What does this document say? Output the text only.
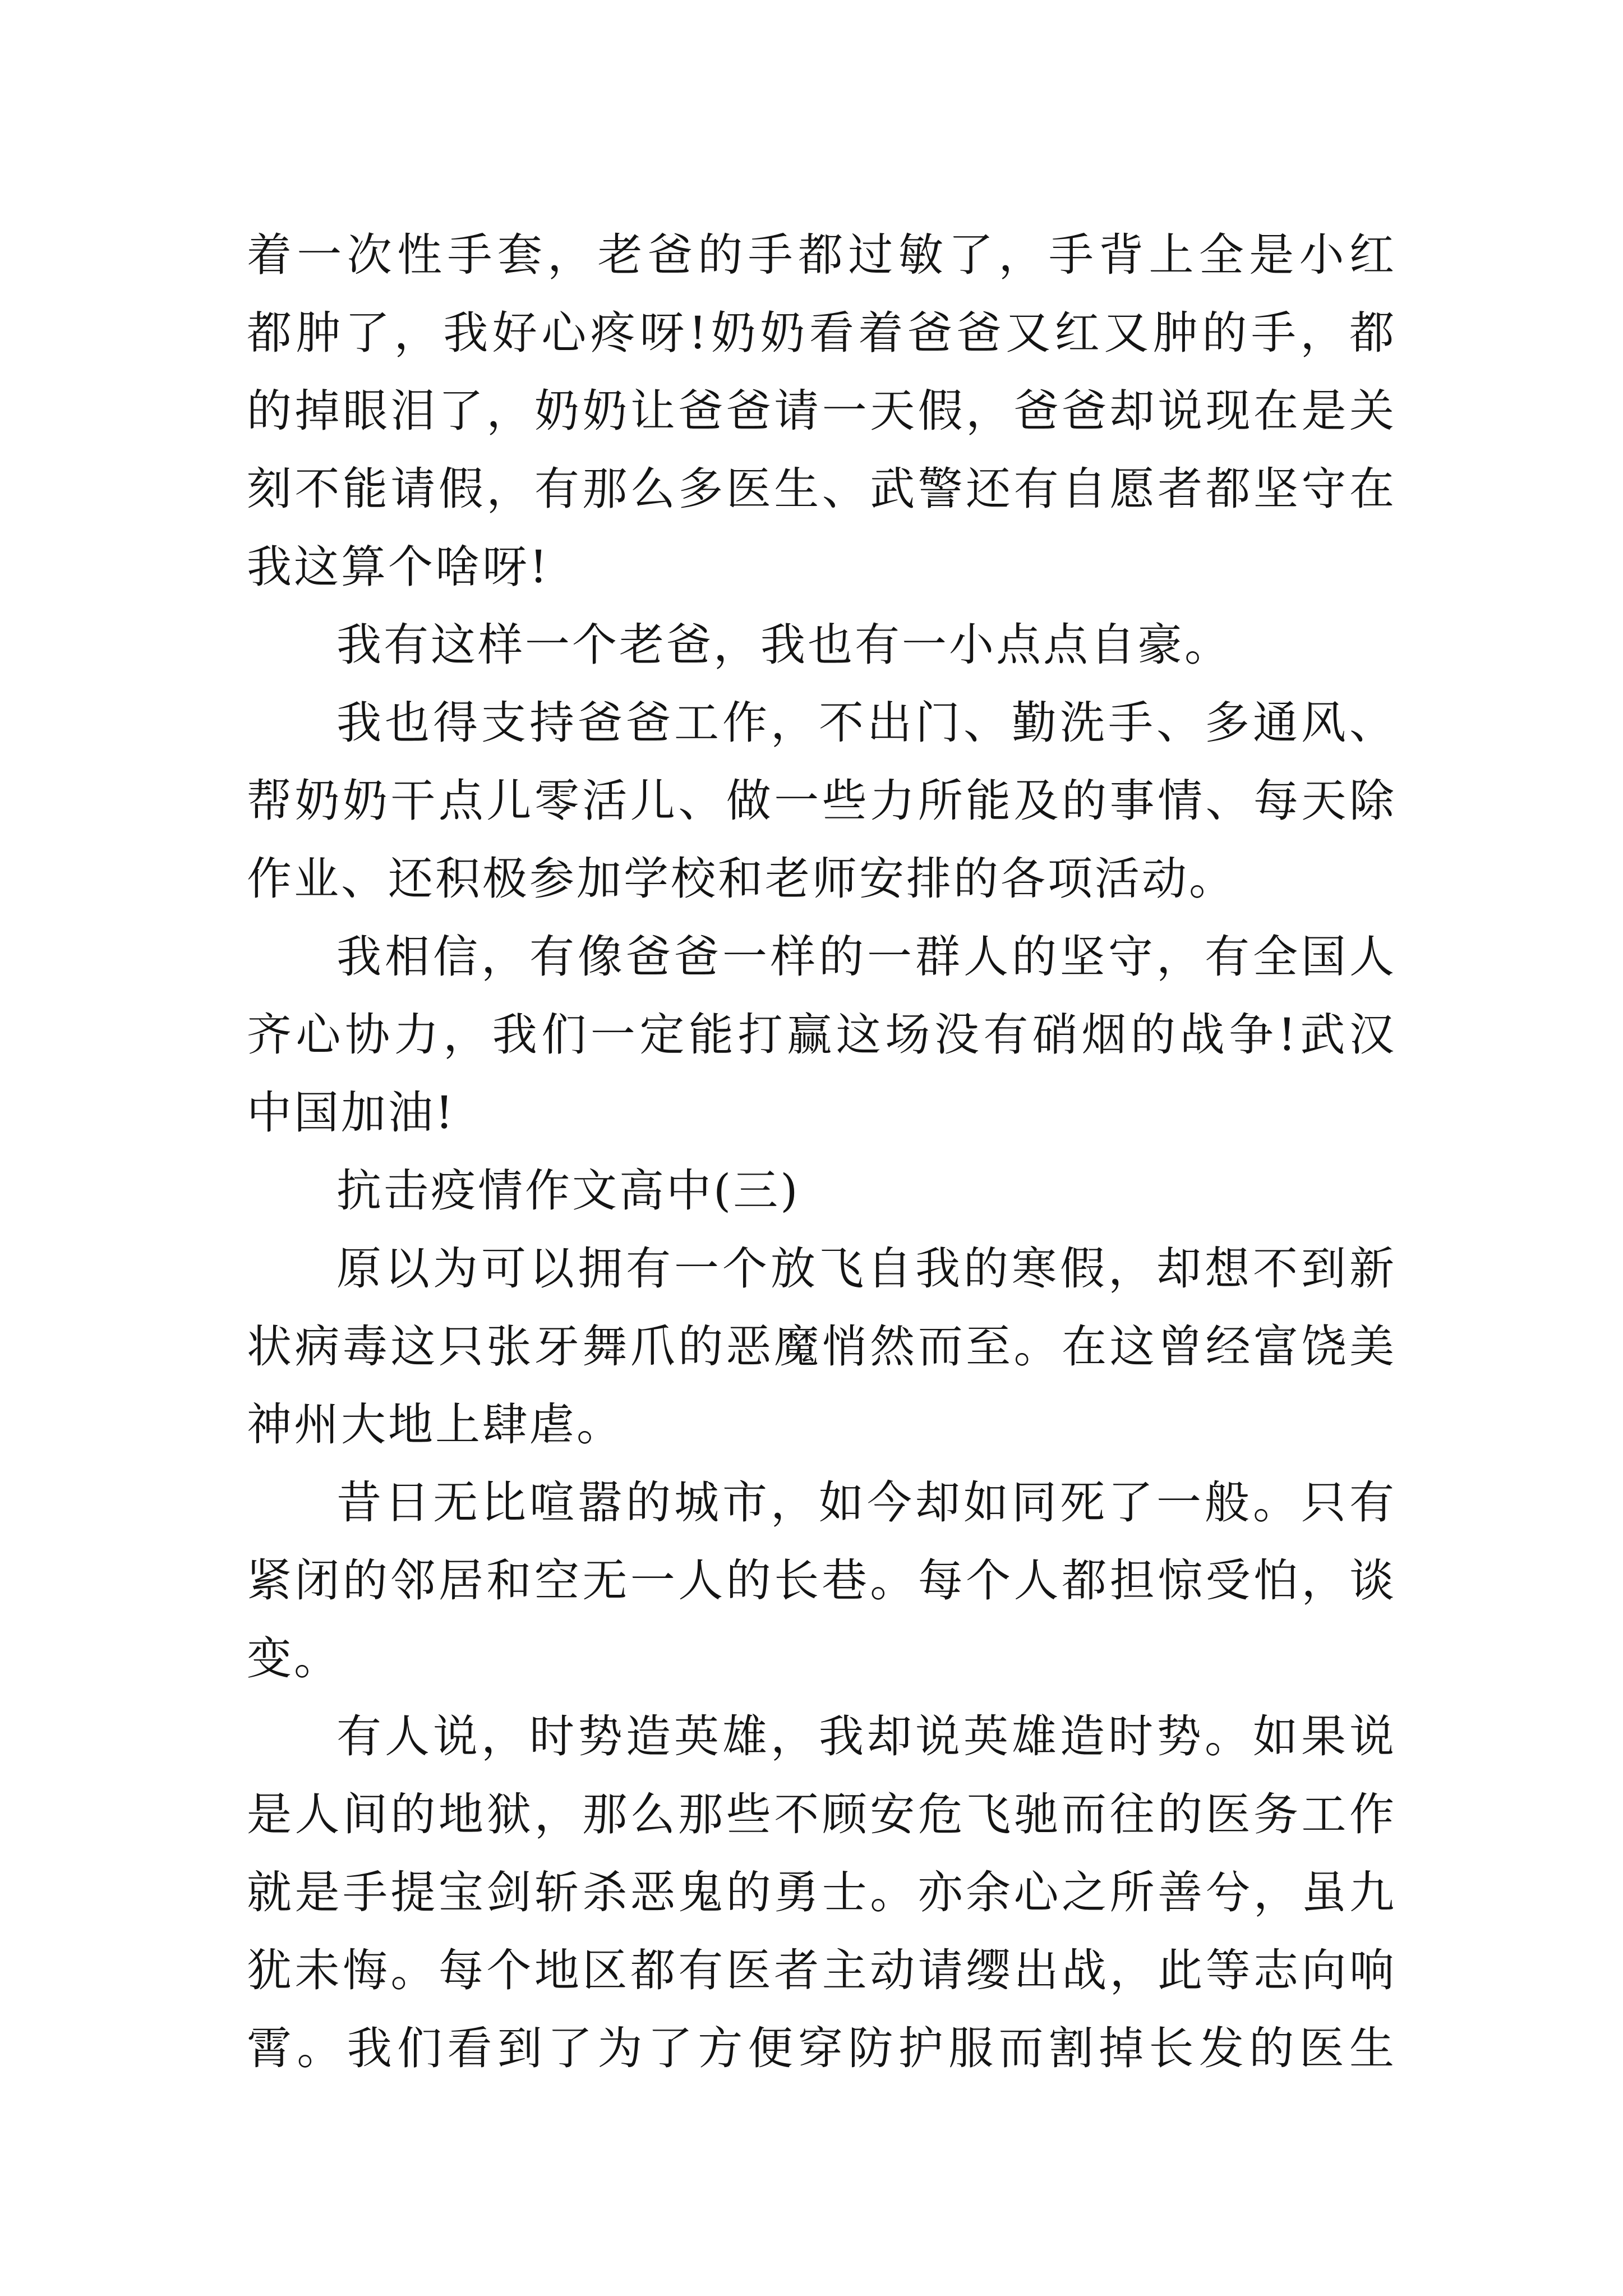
着一次性手套，老爸的手都过敏了，手背上全是小红
都肿了，我好心疼呀!奶奶看着爸爸又红又肿的手，都
的掉眼泪了，奶奶让爸爸请一天假，爸爸却说现在是关
刻不能请假，有那么多医生、武警还有自愿者都坚守在
我这算个啥呀!
我有这样一个老爸，我也有一小点点自豪。
我也得支持爸爸工作，不出门、勤洗手、多通风、
帮奶奶干点儿零活儿、做一些力所能及的事情、每天除
作业、还积极参加学校和老师安排的各项活动。
我相信，有像爸爸一样的一群人的坚守，有全国人
齐心协力，我们一定能打赢这场没有硝烟的战争!武汉
中国加油!
抗击疫情作文高中(三)
原以为可以拥有一个放飞自我的寒假，却想不到新
状病毒这只张牙舞爪的恶魔悄然而至。在这曾经富饶美
神州大地上肆虐。
昔日无比喧嚣的城市，如今却如同死了一般。只有
紧闭的邻居和空无一人的长巷。每个人都担惊受怕，谈
变。
有人说，时势造英雄，我却说英雄造时势。如果说
是人间的地狱，那么那些不顾安危飞驰而往的医务工作
就是手提宝剑斩杀恶鬼的勇士。亦余心之所善兮，虽九
犹未悔。每个地区都有医者主动请缨出战，此等志向响
霄。我们看到了为了方便穿防护服而割掉长发的医生
